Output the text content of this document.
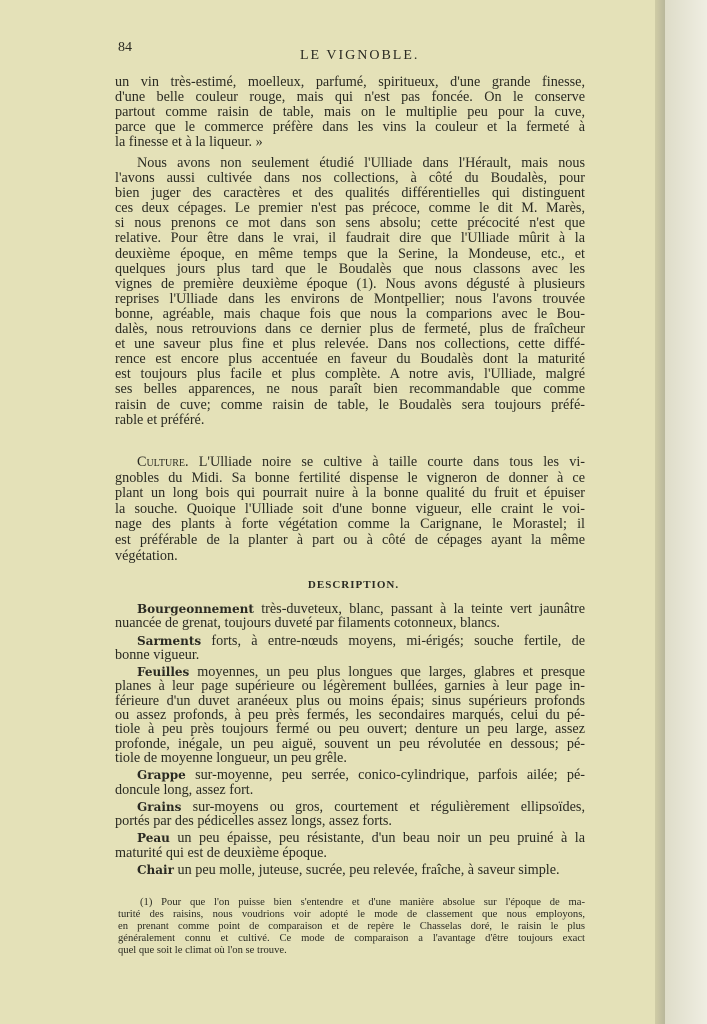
84
LE VIGNOBLE.
un vin très-estimé, moelleux, parfumé, spiritueux, d'une grande finesse,
d'une belle couleur rouge, mais qui n'est pas foncée. On le conserve
partout comme raisin de table, mais on le multiplie peu pour la cuve,
parce que le commerce préfère dans les vins la couleur et la fermeté à
la finesse et à la liqueur. »
Nous avons non seulement étudié l'Ulliade dans l'Hérault, mais nous
l'avons aussi cultivée dans nos collections, à côté du Boudalès, pour
bien juger des caractères et des qualités différentielles qui distinguent
ces deux cépages. Le premier n'est pas précoce, comme le dit M. Marès,
si nous prenons ce mot dans son sens absolu; cette précocité n'est que
relative. Pour être dans le vrai, il faudrait dire que l'Ulliade mûrit à la
deuxième époque, en même temps que la Serine, la Mondeuse, etc., et
quelques jours plus tard que le Boudalès que nous classons avec les
vignes de première deuxième époque (1). Nous avons dégusté à plusieurs
reprises l'Ulliade dans les environs de Montpellier; nous l'avons trouvée
bonne, agréable, mais chaque fois que nous la comparions avec le Bou-
dalès, nous retrouvions dans ce dernier plus de fermeté, plus de fraîcheur
et une saveur plus fine et plus relevée. Dans nos collections, cette diffé-
rence est encore plus accentuée en faveur du Boudalès dont la maturité
est toujours plus facile et plus complète. A notre avis, l'Ulliade, malgré
ses belles apparences, ne nous paraît bien recommandable que comme
raisin de cuve; comme raisin de table, le Boudalès sera toujours préfé-
rable et préféré.
Culture. L'Ulliade noire se cultive à taille courte dans tous les vi-
gnobles du Midi. Sa bonne fertilité dispense le vigneron de donner à ce
plant un long bois qui pourrait nuire à la bonne qualité du fruit et épuiser
la souche. Quoique l'Ulliade soit d'une bonne vigueur, elle craint le voi-
nage des plants à forte végétation comme la Carignane, le Morastel; il
est préférable de la planter à part ou à côté de cépages ayant la même
végétation.
DESCRIPTION.
Bourgeonnement très-duveteux, blanc, passant à la teinte vert jaunâtre
nuancée de grenat, toujours duveté par filaments cotonneux, blancs.
Sarments forts, à entre-nœuds moyens, mi-érigés; souche fertile, de
bonne vigueur.
Feuilles moyennes, un peu plus longues que larges, glabres et presque
planes à leur page supérieure ou légèrement bullées, garnies à leur page in-
férieure d'un duvet aranéeux plus ou moins épais; sinus supérieurs profonds
ou assez profonds, à peu près fermés, les secondaires marqués, celui du pé-
tiole à peu près toujours fermé ou peu ouvert; denture un peu large, assez
profonde, inégale, un peu aiguë, souvent un peu révolutée en dessous; pé-
tiole de moyenne longueur, un peu grêle.
Grappe sur-moyenne, peu serrée, conico-cylindrique, parfois ailée; pé-
doncule long, assez fort.
Grains sur-moyens ou gros, courtement et régulièrement ellipsoïdes,
portés par des pédicelles assez longs, assez forts.
Peau un peu épaisse, peu résistante, d'un beau noir un peu pruiné à la
maturité qui est de deuxième époque.
Chair un peu molle, juteuse, sucrée, peu relevée, fraîche, à saveur simple.
(1) Pour que l'on puisse bien s'entendre et d'une manière absolue sur l'époque de ma-
turité des raisins, nous voudrions voir adopté le mode de classement que nous employons,
en prenant comme point de comparaison et de repère le Chasselas doré, le raisin le plus
généralement connu et cultivé. Ce mode de comparaison a l'avantage d'être toujours exact
quel que soit le climat où l'on se trouve.
